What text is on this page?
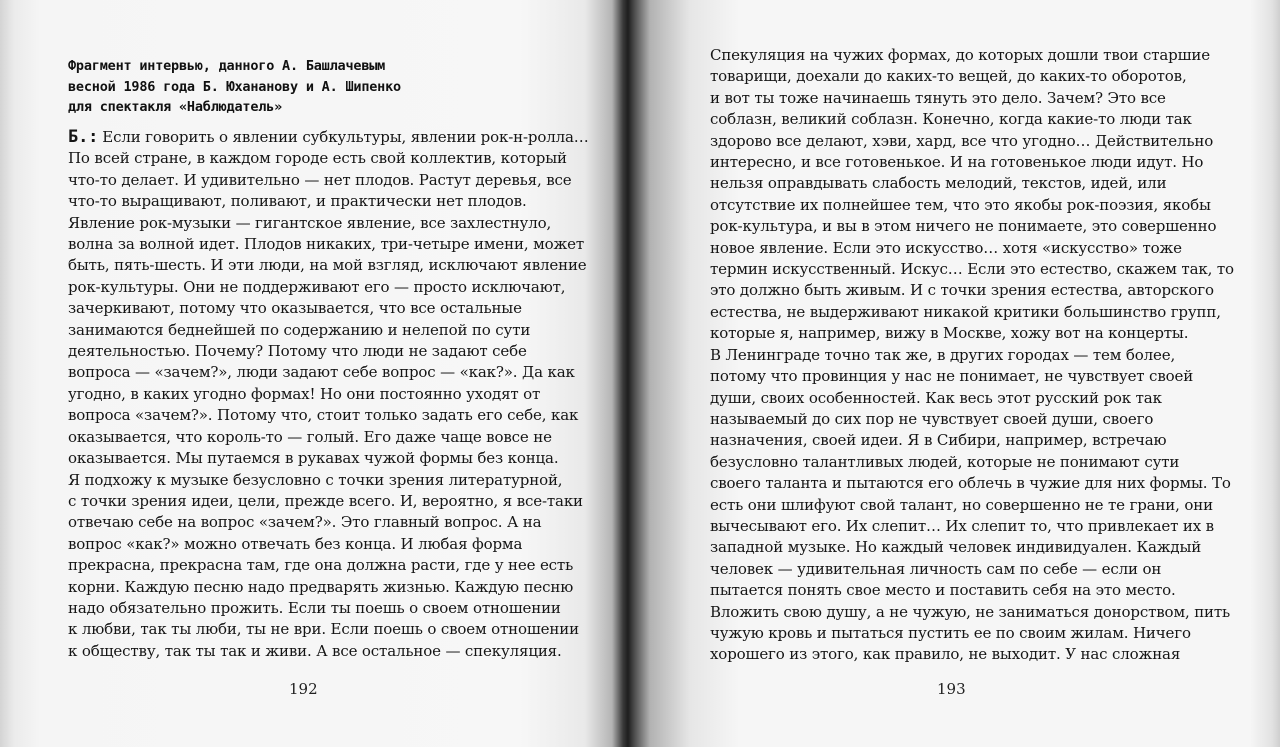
Фрагмент интервью, данного А. Башлачевым
весной 1986 года Б. Юхананову и А. Шипенко
для спектакля «Наблюдатель»
Б.: Если говорить о явлении субкультуры, явлении рок-н-ролла…
По всей стране, в каждом городе есть свой коллектив, который
что-то делает. И удивительно — нет плодов. Растут деревья, все
что-то выращивают, поливают, и практически нет плодов.
Явление рок-музыки — гигантское явление, все захлестнуло,
волна за волной идет. Плодов никаких, три-четыре имени, может
быть, пять-шесть. И эти люди, на мой взгляд, исключают явление
рок-культуры. Они не поддерживают его — просто исключают,
зачеркивают, потому что оказывается, что все остальные
занимаются беднейшей по содержанию и нелепой по сути
деятельностью. Почему? Потому что люди не задают себе
вопроса — «зачем?», люди задают себе вопрос — «как?». Да как
угодно, в каких угодно формах! Но они постоянно уходят от
вопроса «зачем?». Потому что, стоит только задать его себе, как
оказывается, что король-то — голый. Его даже чаще вовсе не
оказывается. Мы путаемся в рукавах чужой формы без конца.
Я подхожу к музыке безусловно с точки зрения литературной,
с точки зрения идеи, цели, прежде всего. И, вероятно, я все-таки
отвечаю себе на вопрос «зачем?». Это главный вопрос. А на
вопрос «как?» можно отвечать без конца. И любая форма
прекрасна, прекрасна там, где она должна расти, где у нее есть
корни. Каждую песню надо предварять жизнью. Каждую песню
надо обязательно прожить. Если ты поешь о своем отношении
к любви, так ты люби, ты не ври. Если поешь о своем отношении
к обществу, так ты так и живи. А все остальное — спекуляция.
192
Спекуляция на чужих формах, до которых дошли твои старшие
товарищи, доехали до каких-то вещей, до каких-то оборотов,
и вот ты тоже начинаешь тянуть это дело. Зачем? Это все
соблазн, великий соблазн. Конечно, когда какие-то люди так
здорово все делают, хэви, хард, все что угодно… Действительно
интересно, и все готовенькое. И на готовенькое люди идут. Но
нельзя оправдывать слабость мелодий, текстов, идей, или
отсутствие их полнейшее тем, что это якобы рок-поэзия, якобы
рок-культура, и вы в этом ничего не понимаете, это совершенно
новое явление. Если это искусство… хотя «искусство» тоже
термин искусственный. Искус… Если это естество, скажем так, то
это должно быть живым. И с точки зрения естества, авторского
естества, не выдерживают никакой критики большинство групп,
которые я, например, вижу в Москве, хожу вот на концерты.
В Ленинграде точно так же, в других городах — тем более,
потому что провинция у нас не понимает, не чувствует своей
души, своих особенностей. Как весь этот русский рок так
называемый до сих пор не чувствует своей души, своего
назначения, своей идеи. Я в Сибири, например, встречаю
безусловно талантливых людей, которые не понимают сути
своего таланта и пытаются его облечь в чужие для них формы. То
есть они шлифуют свой талант, но совершенно не те грани, они
вычесывают его. Их слепит… Их слепит то, что привлекает их в
западной музыке. Но каждый человек индивидуален. Каждый
человек — удивительная личность сам по себе — если он
пытается понять свое место и поставить себя на это место.
Вложить свою душу, а не чужую, не заниматься донорством, пить
чужую кровь и пытаться пустить ее по своим жилам. Ничего
хорошего из этого, как правило, не выходит. У нас сложная
193
